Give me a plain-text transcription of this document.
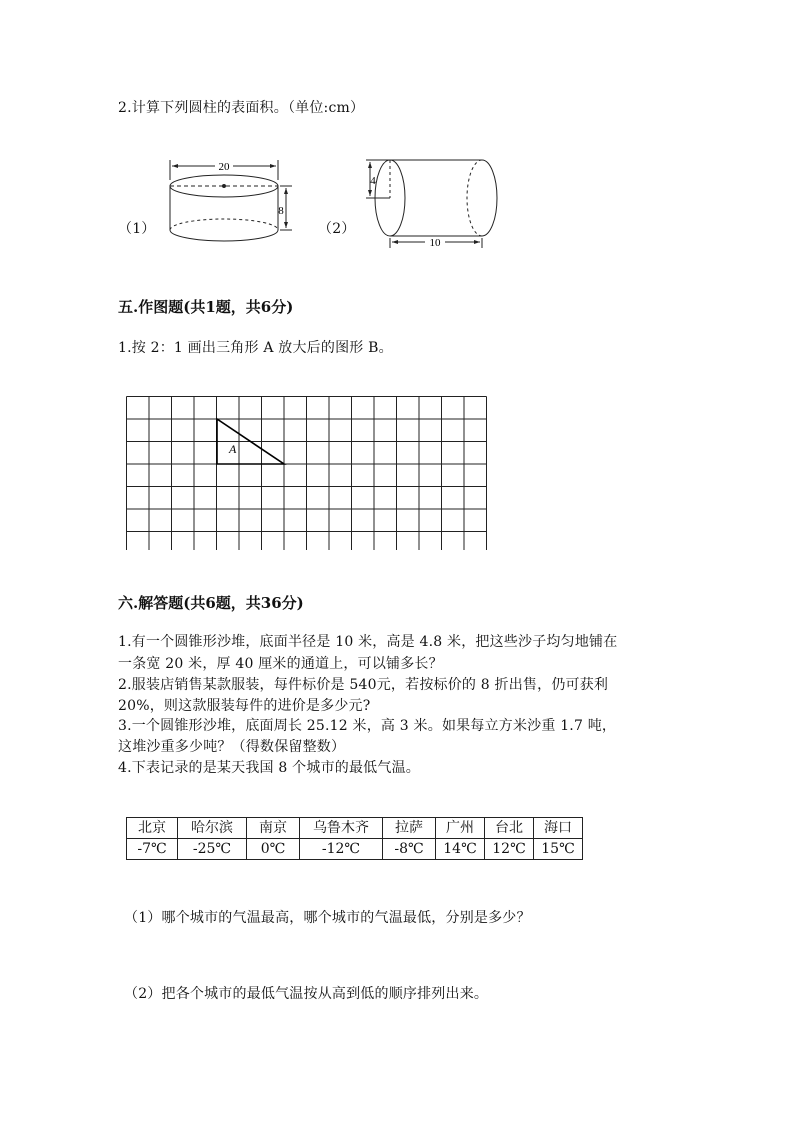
2.计算下列圆柱的表面积。（单位:cm）
（1）	（2）
20
8
4
10
五.作图题(共1题，共6分)
1.按 2：1 画出三角形 A 放大后的图形 B。
A
六.解答题(共6题，共36分)
1.有一个圆锥形沙堆，底面半径是 10 米，高是 4.8 米，把这些沙子均匀地铺在
一条宽 20 米，厚 40 厘米的通道上，可以铺多长？
2.服装店销售某款服装，每件标价是 540元，若按标价的 8 折出售，仍可获利
20%，则这款服装每件的进价是多少元?
3.一个圆锥形沙堆，底面周长 25.12 米，高 3 米。如果每立方米沙重 1.7 吨，
这堆沙重多少吨？（得数保留整数）
4.下表记录的是某天我国 8 个城市的最低气温。
北京	哈尔滨	南京	乌鲁木齐	拉萨	广州	台北	海口
-7℃	-25℃	0℃	-12℃	-8℃	14℃	12℃	15℃
（1）哪个城市的气温最高，哪个城市的气温最低，分别是多少？
（2）把各个城市的最低气温按从高到低的顺序排列出来。
